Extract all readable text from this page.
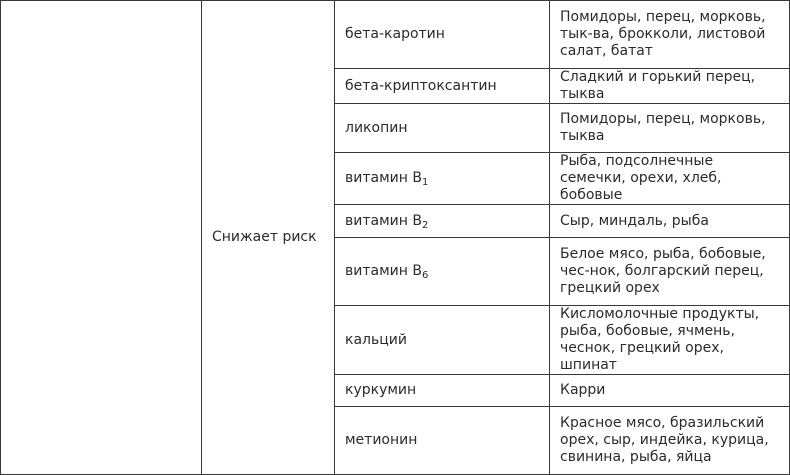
	Снижает риск	бета-каротин	Помидоры, перец, морковь, тык-ва, брокколи, листовой салат, батат
		бета-криптоксантин	Сладкий и горький перец, тыква
		ликопин	Помидоры, перец, морковь, тыква
		витамин $B_1$	Рыба, подсолнечные семечки, орехи, хлеб, бобовые
		витамин $B_2$	Сыр, миндаль, рыба
		витамин $B_6$	Белое мясо, рыба, бобовые, чес-нок, болгарский перец, грецкий орех
		кальций	Кисломолочные продукты, рыба, бобовые, ячмень, чеснок, грецкий орех, шпинат
		куркумин	Карри
		метионин	Красное мясо, бразильский орех, сыр, индейка, курица, свинина, рыба, яйца
